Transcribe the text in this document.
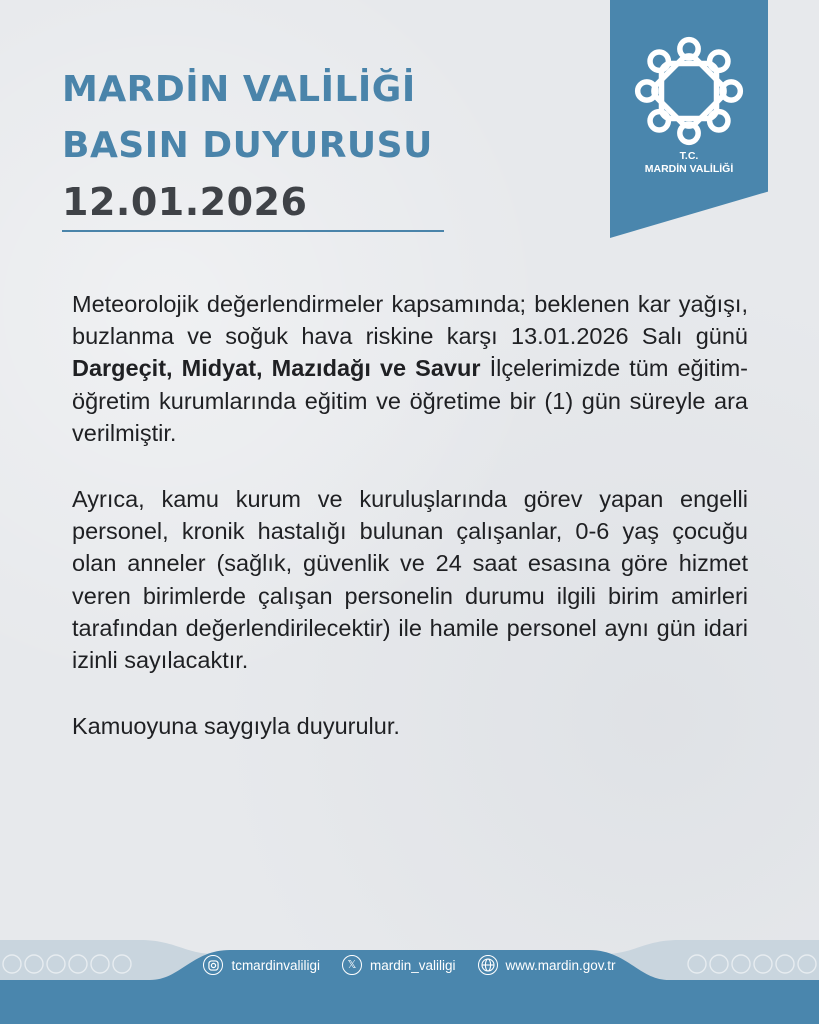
MARDİN VALİLİĞİ
BASIN DUYURUSU
12.01.2026
T.C.
MARDİN VALİLİĞİ

Meteorolojik değerlendirmeler kapsamında; beklenen kar yağışı, buzlanma ve soğuk hava riskine karşı 13.01.2026 Salı günü Dargeçit, Midyat, Mazıdağı ve Savur İlçelerimizde tüm eğitim-öğretim kurumlarında eğitim ve öğretime bir (1) gün süreyle ara verilmiştir.

Ayrıca, kamu kurum ve kuruluşlarında görev yapan engelli personel, kronik hastalığı bulunan çalışanlar, 0-6 yaş çocuğu olan anneler (sağlık, güvenlik ve 24 saat esasına göre hizmet veren birimlerde çalışan personelin durumu ilgili birim amirleri tarafından değerlendirilecektir) ile hamile personel aynı gün idari izinli sayılacaktır.

Kamuoyuna saygıyla duyurulur.

tcmardinvaliligi	𝕏	mardin_valiligi	www.mardin.gov.tr
